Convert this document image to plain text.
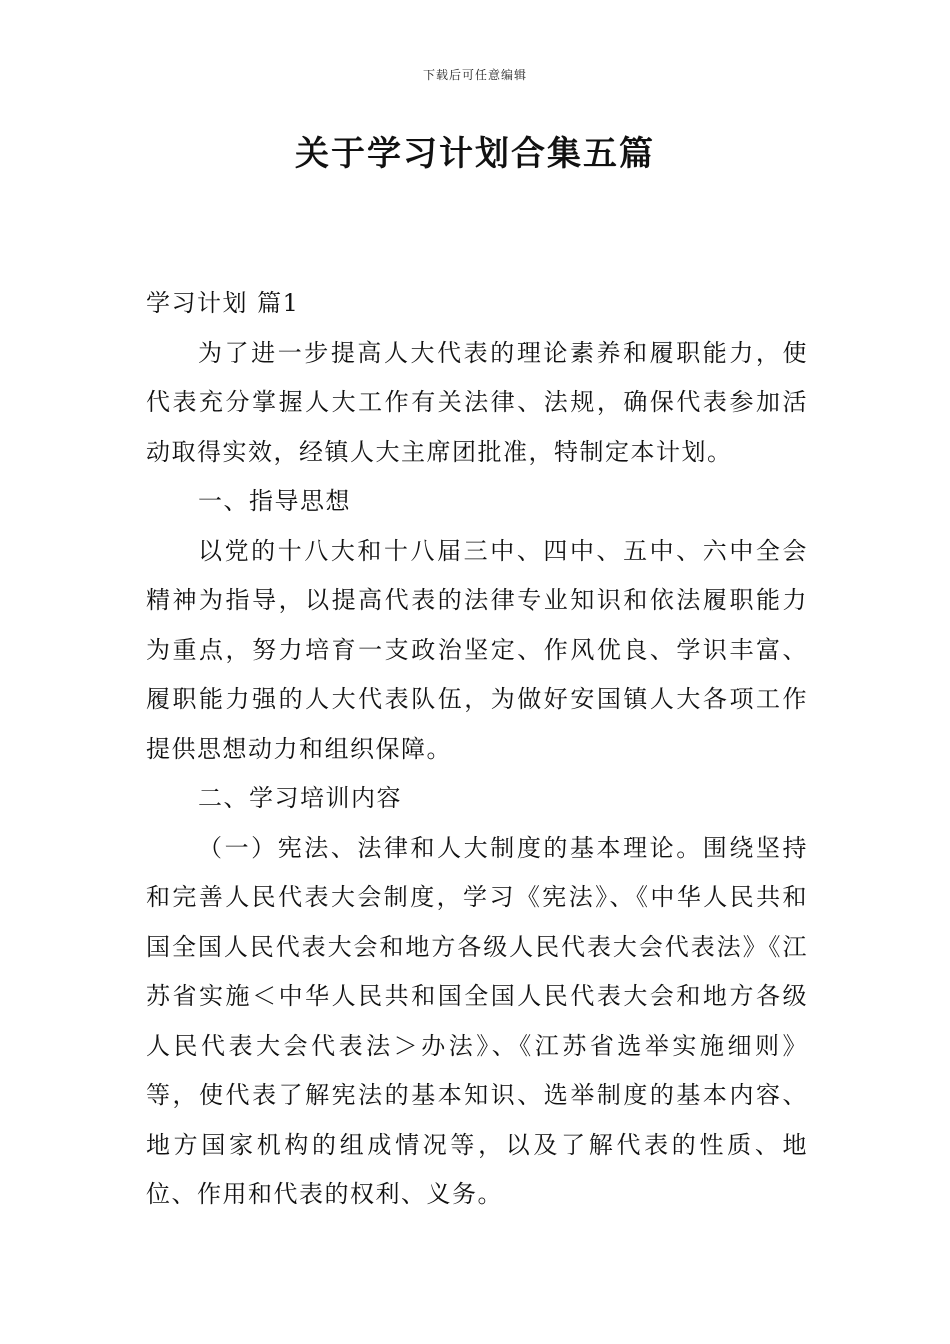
下载后可任意编辑
关于学习计划合集五篇

学习计划 篇1

为了进一步提高人大代表的理论素养和履职能力，使代表充分掌握人大工作有关法律、法规，确保代表参加活动取得实效，经镇人大主席团批准，特制定本计划。

一、指导思想

以党的十八大和十八届三中、四中、五中、六中全会精神为指导，以提高代表的法律专业知识和依法履职能力为重点，努力培育一支政治坚定、作风优良、学识丰富、履职能力强的人大代表队伍，为做好安国镇人大各项工作提供思想动力和组织保障。

二、学习培训内容

（一）宪法、法律和人大制度的基本理论。围绕坚持和完善人民代表大会制度，学习《宪法》、《中华人民共和国全国人民代表大会和地方各级人民代表大会代表法》《江苏省实施＜中华人民共和国全国人民代表大会和地方各级人民代表大会代表法＞办法》、《江苏省选举实施细则》等，使代表了解宪法的基本知识、选举制度的基本内容、地方国家机构的组成情况等，以及了解代表的性质、地位、作用和代表的权利、义务。
